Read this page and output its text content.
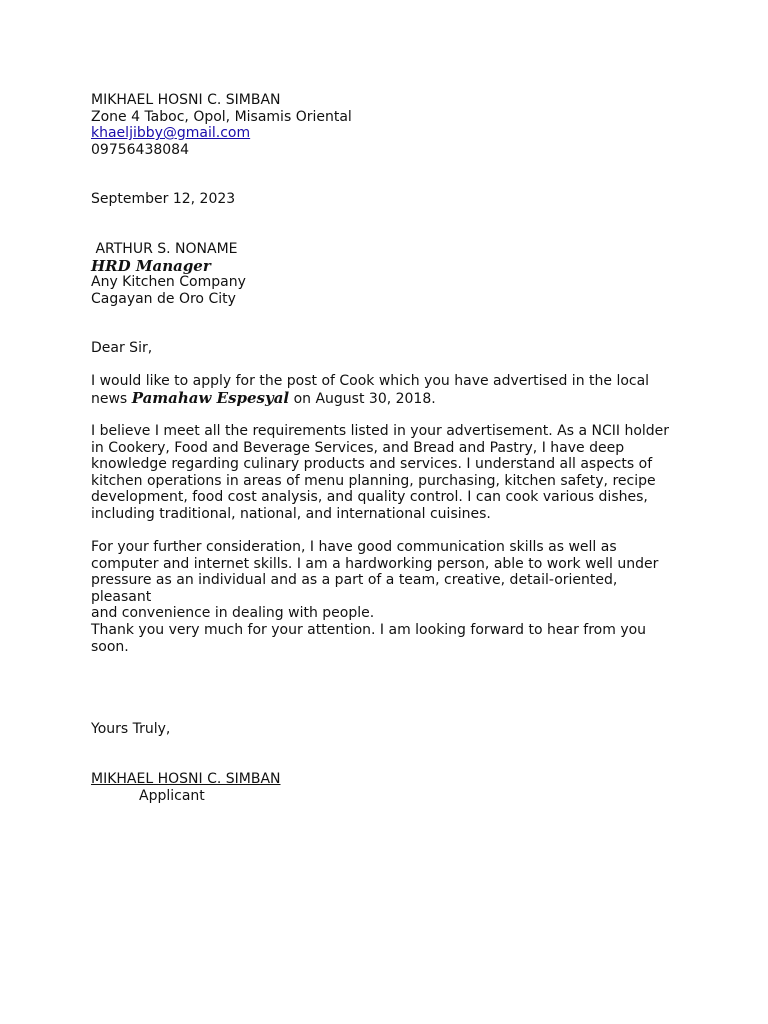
MIKHAEL HOSNI C. SIMBAN
Zone 4 Taboc, Opol, Misamis Oriental
khaeljibby@gmail.com
09756438084
September 12, 2023
ARTHUR S. NONAME
HRD Manager
Any Kitchen Company
Cagayan de Oro City
Dear Sir,
I would like to apply for the post of Cook which you have advertised in the local
news Pamahaw Espesyal on August 30, 2018.
I believe I meet all the requirements listed in your advertisement. As a NCII holder
in Cookery, Food and Beverage Services, and Bread and Pastry, I have deep
knowledge regarding culinary products and services. I understand all aspects of
kitchen operations in areas of menu planning, purchasing, kitchen safety, recipe
development, food cost analysis, and quality control. I can cook various dishes,
including traditional, national, and international cuisines.
For your further consideration, I have good communication skills as well as
computer and internet skills. I am a hardworking person, able to work well under
pressure as an individual and as a part of a team, creative, detail-oriented, pleasant
and convenience in dealing with people.
Thank you very much for your attention. I am looking forward to hear from you
soon.
Yours Truly,
MIKHAEL HOSNI C. SIMBAN
Applicant
